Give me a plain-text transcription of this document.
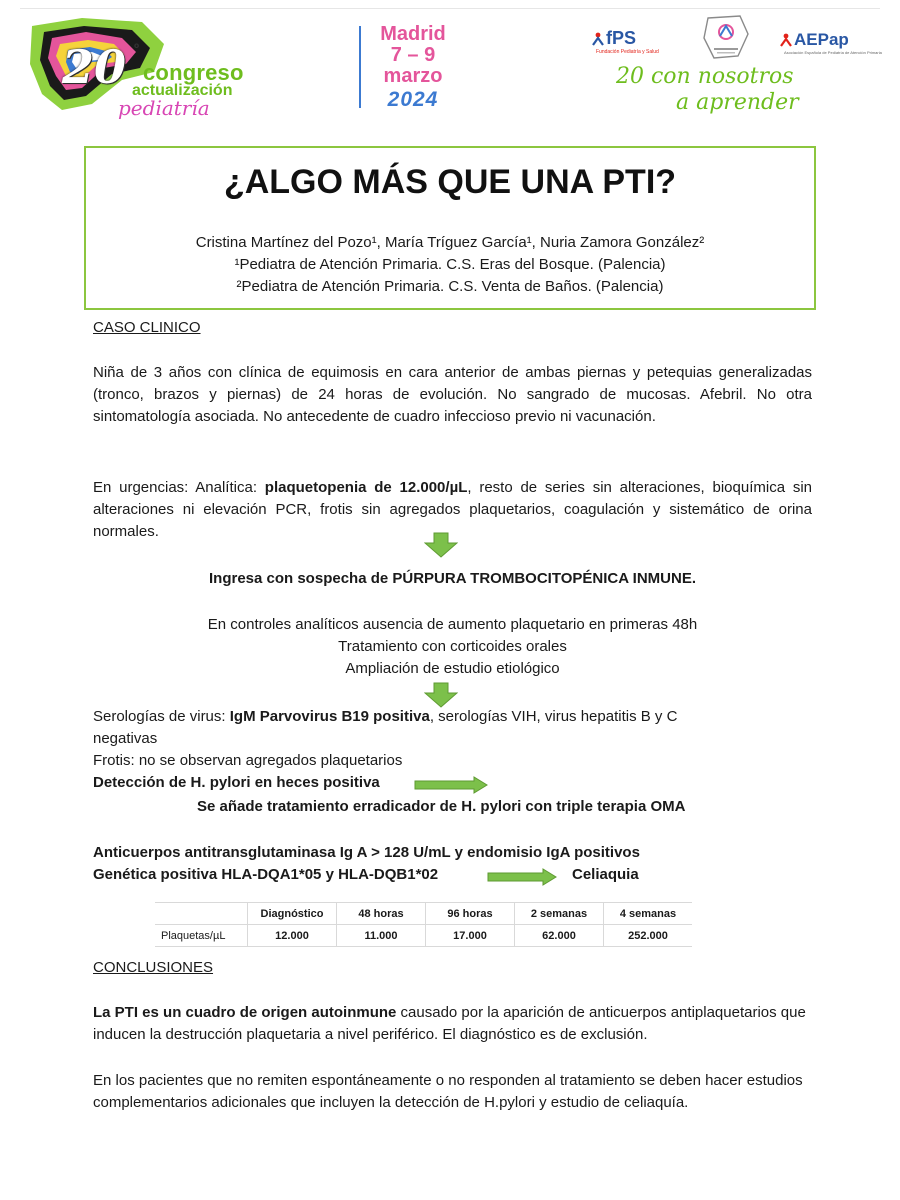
20 º
congreso
actualización
pediatría
Madrid
7 – 9
marzo
2024
fPS
Fundación Pediatría y Salud
AEPap
Asociación Española de Pediatría de Atención Primaria
20 con nosotros
a aprender
¿ALGO MÁS QUE UNA PTI?
Cristina Martínez del Pozo¹, María Tríguez García¹, Nuria Zamora González²
¹Pediatra de Atención Primaria. C.S. Eras del Bosque. (Palencia)
²Pediatra de Atención Primaria. C.S. Venta de Baños. (Palencia)
CASO CLINICO
Niña de 3 años con clínica de equimosis en cara anterior de ambas piernas y petequias generalizadas (tronco, brazos y piernas) de 24 horas de evolución. No sangrado de mucosas. Afebril. No otra sintomatología asociada. No antecedente de cuadro infeccioso previo ni vacunación.
En urgencias: Analítica: plaquetopenia de 12.000/µL, resto de series sin alteraciones, bioquímica sin alteraciones ni elevación PCR, frotis sin agregados plaquetarios, coagulación y sistemático de orina normales.
Ingresa con sospecha de PÚRPURA TROMBOCITOPÉNICA INMUNE.
En controles analíticos ausencia de aumento plaquetario en primeras 48h
Tratamiento con corticoides orales
Ampliación de estudio etiológico
Serologías de virus: IgM Parvovirus B19 positiva, serologías VIH, virus hepatitis B y C negativas
Frotis: no se observan agregados plaquetarios
Detección de H. pylori en heces positiva
Se añade tratamiento erradicador de H. pylori con triple terapia OMA
Anticuerpos antitransglutaminasa Ig A > 128 U/mL y endomisio IgA positivos
Genética positiva HLA-DQA1*05 y HLA-DQB1*02	Celiaquia
	Diagnóstico	48 horas	96 horas	2 semanas	4 semanas
Plaquetas/µL	12.000	11.000	17.000	62.000	252.000
CONCLUSIONES
La PTI es un cuadro de origen autoinmune causado por la aparición de anticuerpos antiplaquetarios que inducen la destrucción plaquetaria a nivel periférico. El diagnóstico es de exclusión.
En los pacientes que no remiten espontáneamente o no responden al tratamiento se deben hacer estudios complementarios adicionales que incluyen la detección de H.pylori y estudio de celiaquía.
